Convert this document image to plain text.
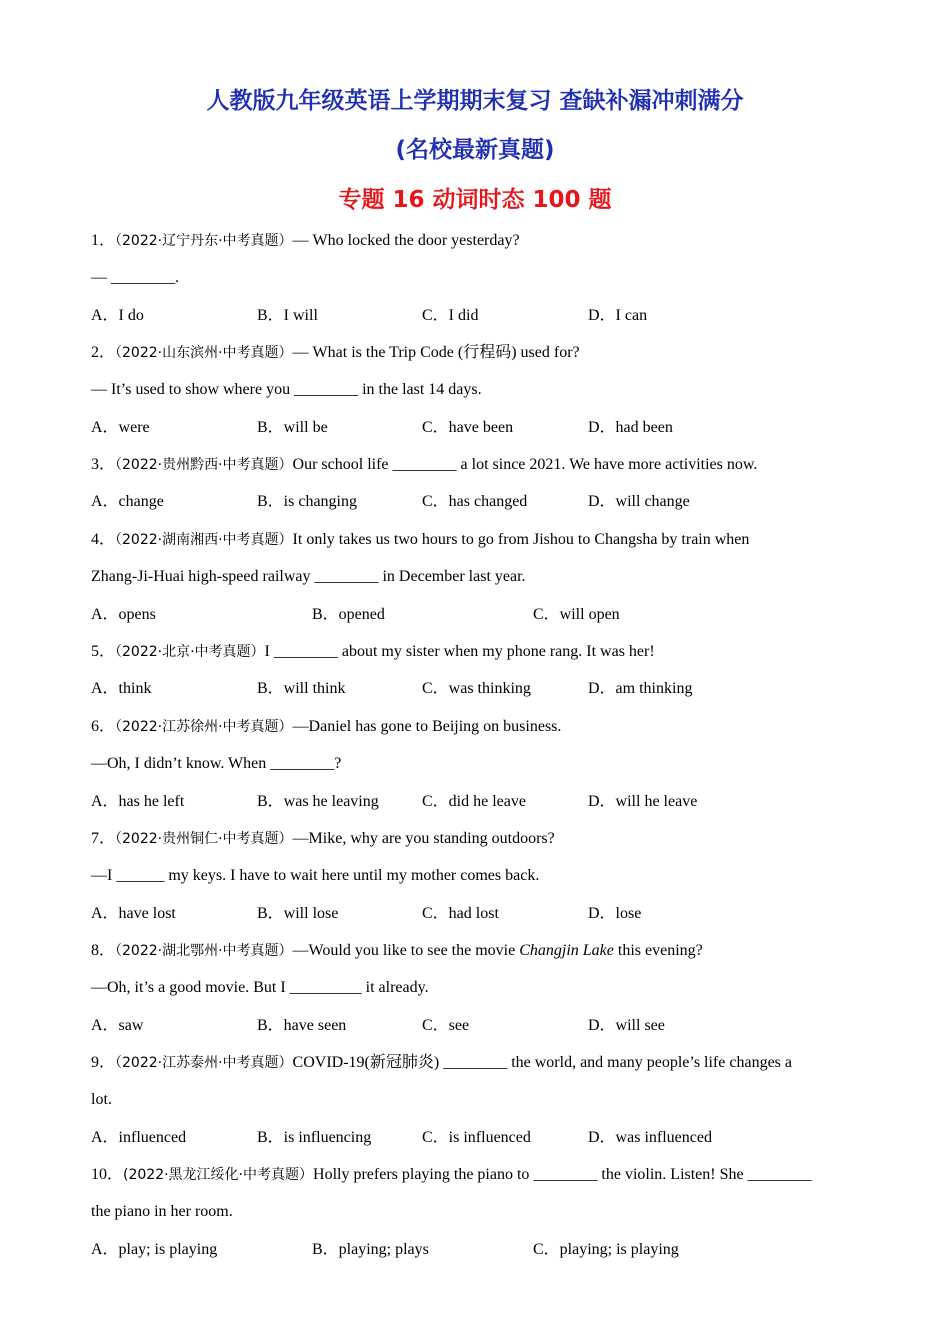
人教版九年级英语上学期期末复习 查缺补漏冲刺满分
(名校最新真题)
专题 16 动词时态 100 题
1．（2022·辽宁丹东·中考真题）— Who locked the door yesterday?
— ________.
A．I do	B．I will	C．I did	D．I can
2．（2022·山东滨州·中考真题）— What is the Trip Code (行程码) used for?
— It’s used to show where you ________ in the last 14 days.
A．were	B．will be	C．have been	D．had been
3．（2022·贵州黔西·中考真题）Our school life ________ a lot since 2021. We have more activities now.
A．change	B．is changing	C．has changed	D．will change
4．（2022·湖南湘西·中考真题）It only takes us two hours to go from Jishou to Changsha by train when
Zhang-Ji-Huai high-speed railway ________ in December last year.
A．opens	B．opened	C．will open
5．（2022·北京·中考真题）I ________ about my sister when my phone rang. It was her!
A．think	B．will think	C．was thinking	D．am thinking
6．（2022·江苏徐州·中考真题）—Daniel has gone to Beijing on business.
—Oh, I didn’t know. When ________?
A．has he left	B．was he leaving	C．did he leave	D．will he leave
7．（2022·贵州铜仁·中考真题）—Mike, why are you standing outdoors?
—I ______ my keys. I have to wait here until my mother comes back.
A．have lost	B．will lose	C．had lost	D．lose
8．（2022·湖北鄂州·中考真题）—Would you like to see the movie Changjin Lake this evening?
—Oh, it’s a good movie. But I _________ it already.
A．saw	B．have seen	C．see	D．will see
9．（2022·江苏泰州·中考真题）COVID-19(新冠肺炎) ________ the world, and many people’s life changes a
lot.
A．influenced	B．is influencing	C．is influenced	D．was influenced
10．(2022·黑龙江绥化·中考真题）Holly prefers playing the piano to ________ the violin. Listen! She ________
the piano in her room.
A．play; is playing	B．playing; plays	C．playing; is playing
